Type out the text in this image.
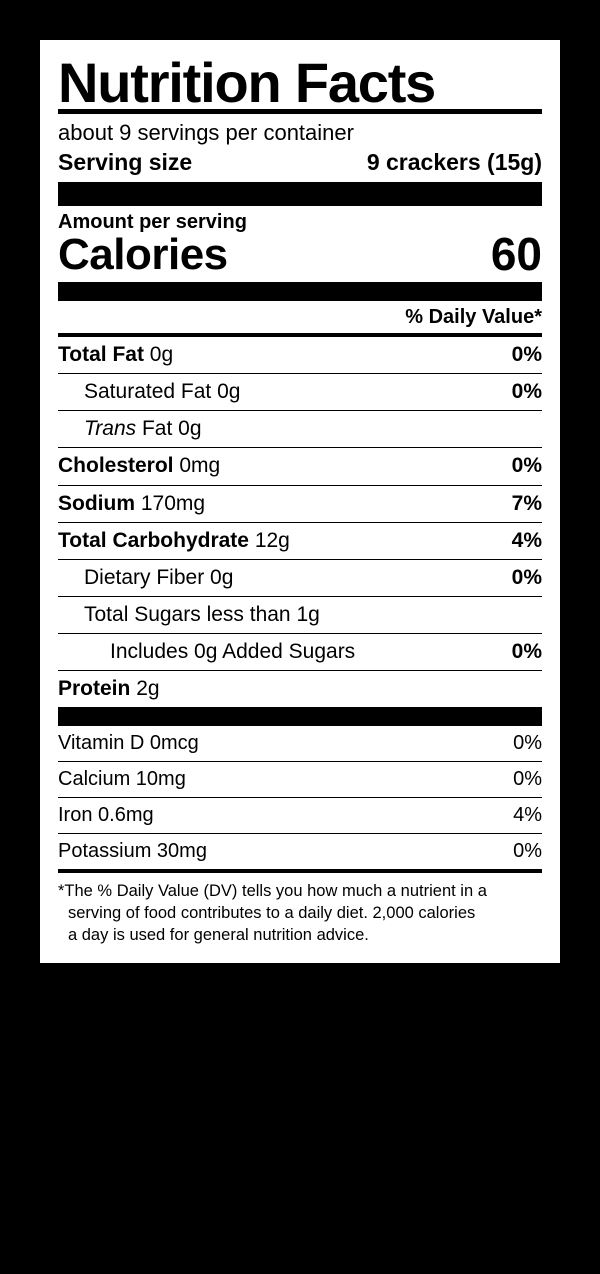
Nutrition Facts
about 9 servings per container
Serving size	9 crackers (15g)
Amount per serving
Calories	60
% Daily Value*
Total Fat 0g	0%
Saturated Fat 0g	0%
Trans Fat 0g
Cholesterol 0mg	0%
Sodium 170mg	7%
Total Carbohydrate 12g	4%
Dietary Fiber 0g	0%
Total Sugars less than 1g
Includes 0g Added Sugars	0%
Protein 2g
Vitamin D 0mcg	0%
Calcium 10mg	0%
Iron 0.6mg	4%
Potassium 30mg	0%
*The % Daily Value (DV) tells you how much a nutrient in a
serving of food contributes to a daily diet. 2,000 calories
a day is used for general nutrition advice.
